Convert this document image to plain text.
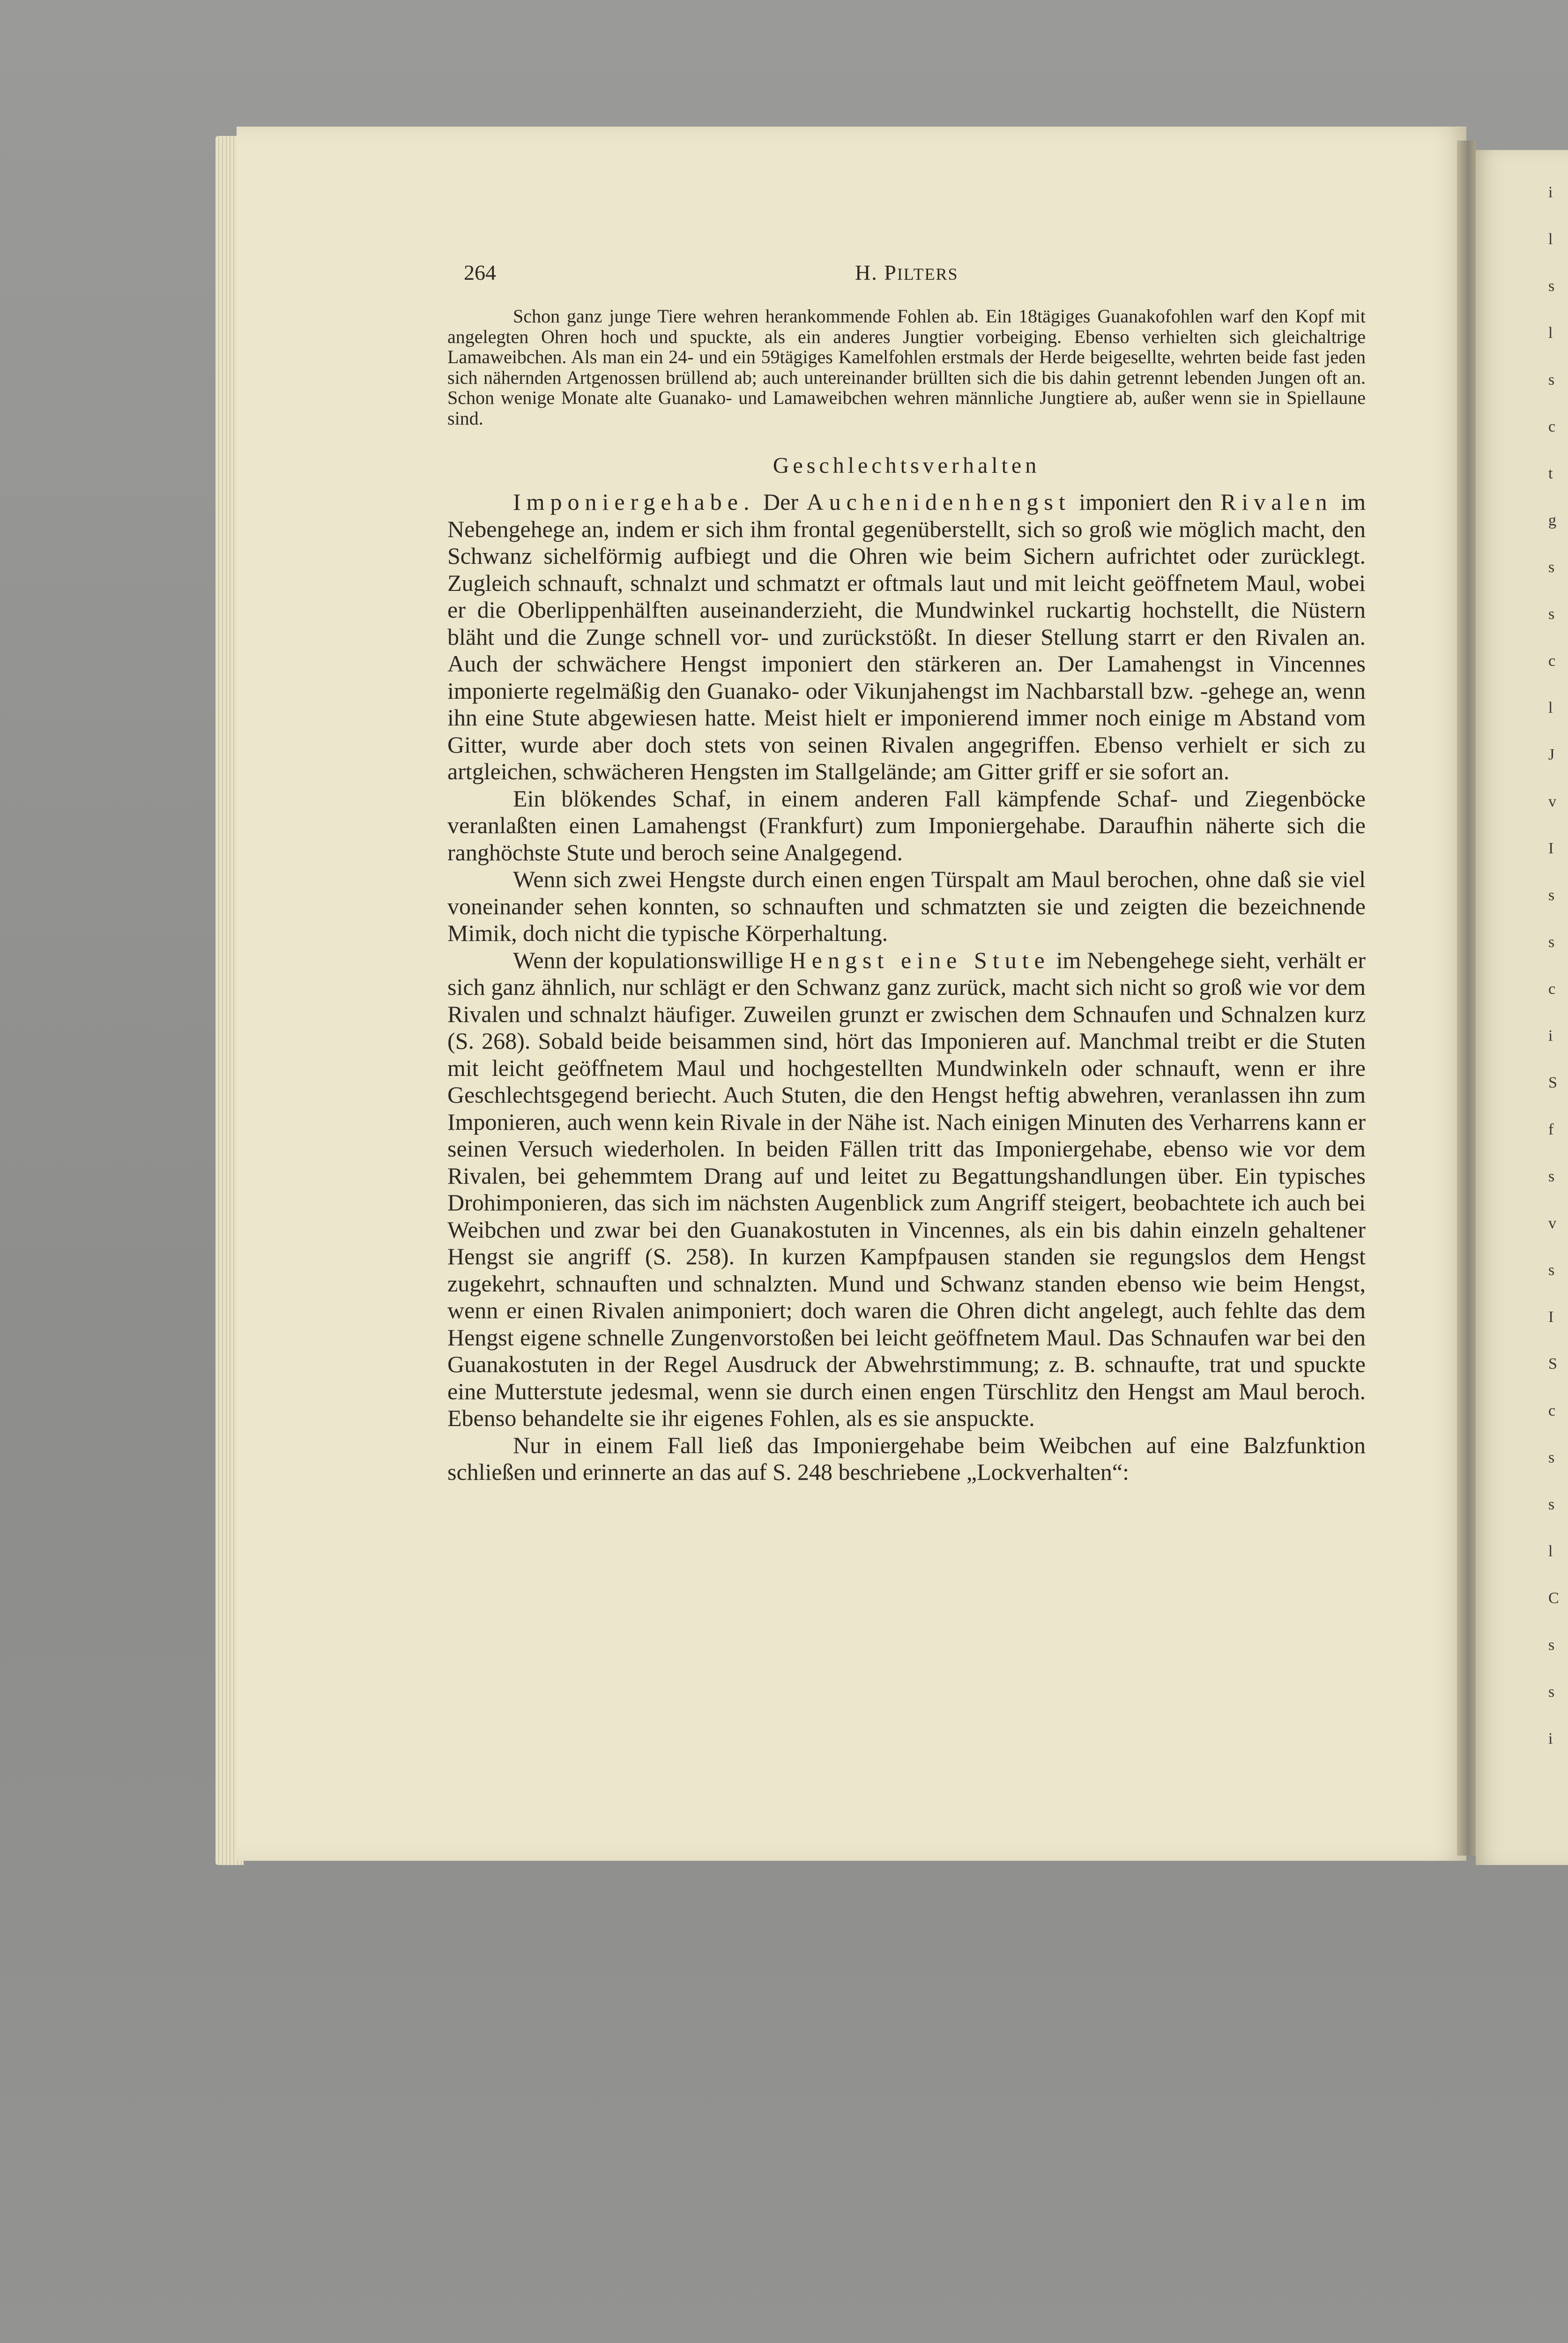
i
l
s
l
s
c
t
g
s
s
c
l
J
v
I
s
s
c
i
S
f
s
v
s
I
S
c
s
s
l
C
s
s
i
264	H. PILTERS

Schon ganz junge Tiere wehren herankommende Fohlen ab. Ein 18tägiges Guanakofohlen warf den Kopf mit angelegten Ohren hoch und spuckte, als ein anderes Jungtier vorbeiging. Ebenso verhielten sich gleichaltrige Lamaweibchen. Als man ein 24- und ein 59tägiges Kamelfohlen erstmals der Herde beigesellte, wehrten beide fast jeden sich nähernden Artgenossen brüllend ab; auch untereinander brüllten sich die bis dahin getrennt lebenden Jungen oft an. Schon wenige Monate alte Guanako- und Lamaweibchen wehren männliche Jungtiere ab, außer wenn sie in Spiellaune sind.

Geschlechtsverhalten

Imponiergehabe. Der Auchenidenhengst imponiert den Rivalen im Nebengehege an, indem er sich ihm frontal gegenüberstellt, sich so groß wie möglich macht, den Schwanz sichelförmig aufbiegt und die Ohren wie beim Sichern aufrichtet oder zurücklegt. Zugleich schnauft, schnalzt und schmatzt er oftmals laut und mit leicht geöffnetem Maul, wobei er die Oberlippenhälften auseinanderzieht, die Mundwinkel ruckartig hochstellt, die Nüstern bläht und die Zunge schnell vor- und zurückstößt. In dieser Stellung starrt er den Rivalen an. Auch der schwächere Hengst imponiert den stärkeren an. Der Lamahengst in Vincennes imponierte regelmäßig den Guanako- oder Vikunjahengst im Nachbarstall bzw. -gehege an, wenn ihn eine Stute abgewiesen hatte. Meist hielt er imponierend immer noch einige m Abstand vom Gitter, wurde aber doch stets von seinen Rivalen angegriffen. Ebenso verhielt er sich zu artgleichen, schwächeren Hengsten im Stallgelände; am Gitter griff er sie sofort an.

Ein blökendes Schaf, in einem anderen Fall kämpfende Schaf- und Ziegenböcke veranlaßten einen Lamahengst (Frankfurt) zum Imponiergehabe. Daraufhin näherte sich die ranghöchste Stute und beroch seine Analgegend.

Wenn sich zwei Hengste durch einen engen Türspalt am Maul berochen, ohne daß sie viel voneinander sehen konnten, so schnauften und schmatzten sie und zeigten die bezeichnende Mimik, doch nicht die typische Körperhaltung.

Wenn der kopulationswillige Hengst eine Stute im Nebengehege sieht, verhält er sich ganz ähnlich, nur schlägt er den Schwanz ganz zurück, macht sich nicht so groß wie vor dem Rivalen und schnalzt häufiger. Zuweilen grunzt er zwischen dem Schnaufen und Schnalzen kurz (S. 268). Sobald beide beisammen sind, hört das Imponieren auf. Manchmal treibt er die Stuten mit leicht geöffnetem Maul und hochgestellten Mundwinkeln oder schnauft, wenn er ihre Geschlechtsgegend beriecht. Auch Stuten, die den Hengst heftig abwehren, veranlassen ihn zum Imponieren, auch wenn kein Rivale in der Nähe ist. Nach einigen Minuten des Verharrens kann er seinen Versuch wiederholen. In beiden Fällen tritt das Imponiergehabe, ebenso wie vor dem Rivalen, bei gehemmtem Drang auf und leitet zu Begattungshandlungen über. Ein typisches Drohimponieren, das sich im nächsten Augenblick zum Angriff steigert, beobachtete ich auch bei Weibchen und zwar bei den Guanakostuten in Vincennes, als ein bis dahin einzeln gehaltener Hengst sie angriff (S. 258). In kurzen Kampfpausen standen sie regungslos dem Hengst zugekehrt, schnauften und schnalzten. Mund und Schwanz standen ebenso wie beim Hengst, wenn er einen Rivalen animponiert; doch waren die Ohren dicht angelegt, auch fehlte das dem Hengst eigene schnelle Zungenvorstoßen bei leicht geöffnetem Maul. Das Schnaufen war bei den Guanakostuten in der Regel Ausdruck der Abwehrstimmung; z. B. schnaufte, trat und spuckte eine Mutterstute jedesmal, wenn sie durch einen engen Türschlitz den Hengst am Maul beroch. Ebenso behandelte sie ihr eigenes Fohlen, als es sie anspuckte.

Nur in einem Fall ließ das Imponiergehabe beim Weibchen auf eine Balzfunktion schließen und erinnerte an das auf S. 248 beschriebene „Lockverhalten“:
